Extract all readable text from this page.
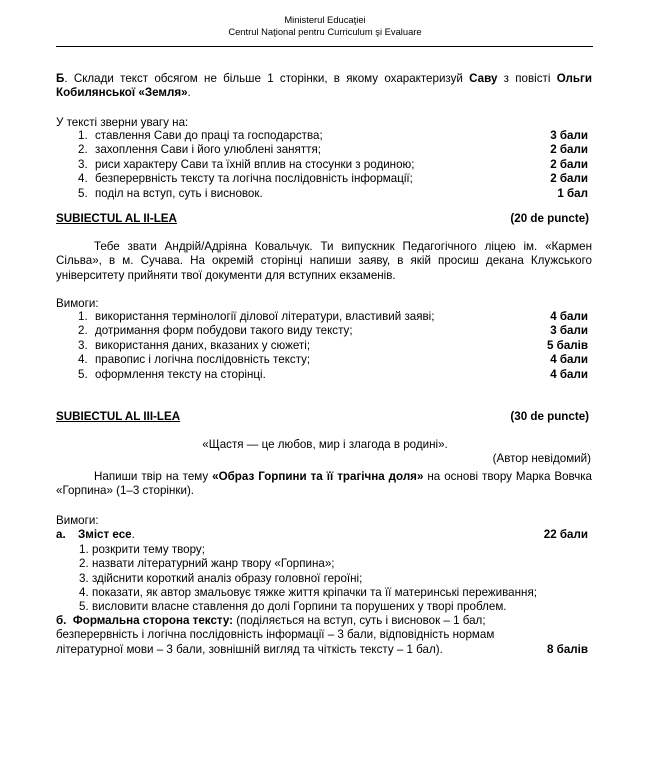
Ministerul Educaţiei
Centrul Naţional pentru Curriculum şi Evaluare
Б. Склади текст обсягом не більше 1 сторінки, в якому охарактеризуй Саву з повісті Ольги Кобилянської «Земля».
У тексті зверни увагу на:
1. ставлення Сави до праці та господарства;	3 бали
2. захоплення Сави і його улюблені заняття;	2 бали
3. риси характеру Сави та їхній вплив на стосунки з родиною;	2 бали
4. безперервність тексту та логічна послідовність інформації;	2 бали
5. поділ на вступ, суть і висновок.	1 бал
SUBIECTUL AL II-LEA	(20 de puncte)
Тебе звати Андрій/Адріяна Ковальчук. Ти випускник Педагогічного ліцею ім. «Кармен Сільва», в м. Сучава. На окремій сторінці напиши заяву, в якій просиш декана Клужського університету прийняти твої документи для вступних екзаменів.
Вимоги:
1. використання термінології ділової літератури, властивий заяві;	4 бали
2. дотримання форм побудови такого виду тексту;	3 бали
3. використання даних, вказаних у сюжеті;	5 балів
4. правопис і логічна послідовність тексту;	4 бали
5. оформлення тексту на сторінці.	4 бали
SUBIECTUL AL III-LEA	(30 de puncte)
«Щастя — це любов, мир і злагода в родині».
(Автор невідомий)
Напиши твір на тему «Образ Горпини та її трагічна доля» на основі твору Марка Вовчка «Горпина» (1–3 сторінки).
Вимоги:
a. Зміст есе.	22 бали
1. розкрити тему твору;
2. назвати літературний жанр твору «Горпина»;
3. здійснити короткий аналіз образу головної героїні;
4. показати, як автор змальовує тяжке життя кріпачки та її материнські переживання;
5. висловити власне ставлення до долі Горпини та порушених у творі проблем.
б. Формальна сторона тексту: (поділяється на вступ, суть і висновок – 1 бал; безперервність і логічна послідовність інформації – 3 бали, відповідність нормам літературної мови – 3 бали, зовнішній вигляд та чіткість тексту – 1 бал).	8 балів
